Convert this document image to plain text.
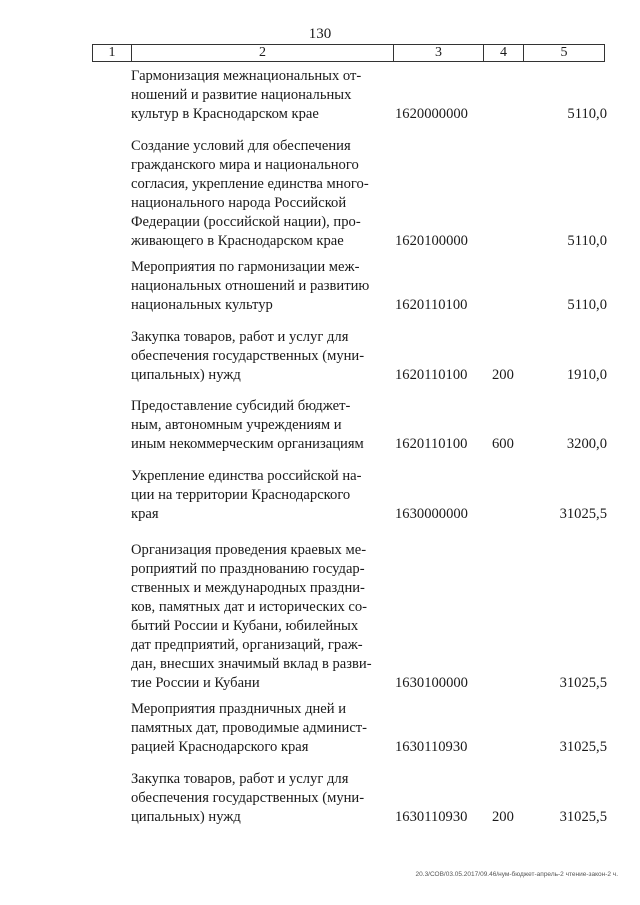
130
1	2	3	4	5
Гармонизация межнациональных от-
ношений и развитие национальных
культур в Краснодарском крае	1620000000	5110,0
Создание условий для обеспечения
гражданского мира и национального
согласия, укрепление единства много-
национального народа Российской
Федерации (российской нации), про-
живающего в Краснодарском крае	1620100000	5110,0
Мероприятия по гармонизации меж-
национальных отношений и развитию
национальных культур	1620110100	5110,0
Закупка товаров, работ и услуг для
обеспечения государственных (муни-
ципальных) нужд	1620110100 200	1910,0
Предоставление субсидий бюджет-
ным, автономным учреждениям и
иным некоммерческим организациям	1620110100 600	3200,0
Укрепление единства российской на-
ции на территории Краснодарского
края	1630000000	31025,5
Организация проведения краевых ме-
роприятий по празднованию государ-
ственных и международных праздни-
ков, памятных дат и исторических со-
бытий России и Кубани, юбилейных
дат предприятий, организаций, граж-
дан, внесших значимый вклад в разви-
тие России и Кубани	1630100000	31025,5
Мероприятия праздничных дней и
памятных дат, проводимые админист-
рацией Краснодарского края	1630110930	31025,5
Закупка товаров, работ и услуг для
обеспечения государственных (муни-
ципальных) нужд	1630110930 200	31025,5
20.3/СОВ/03.05.2017/09.46/нум-бюджет-апрель-2 чтение-закон-2 ч.
